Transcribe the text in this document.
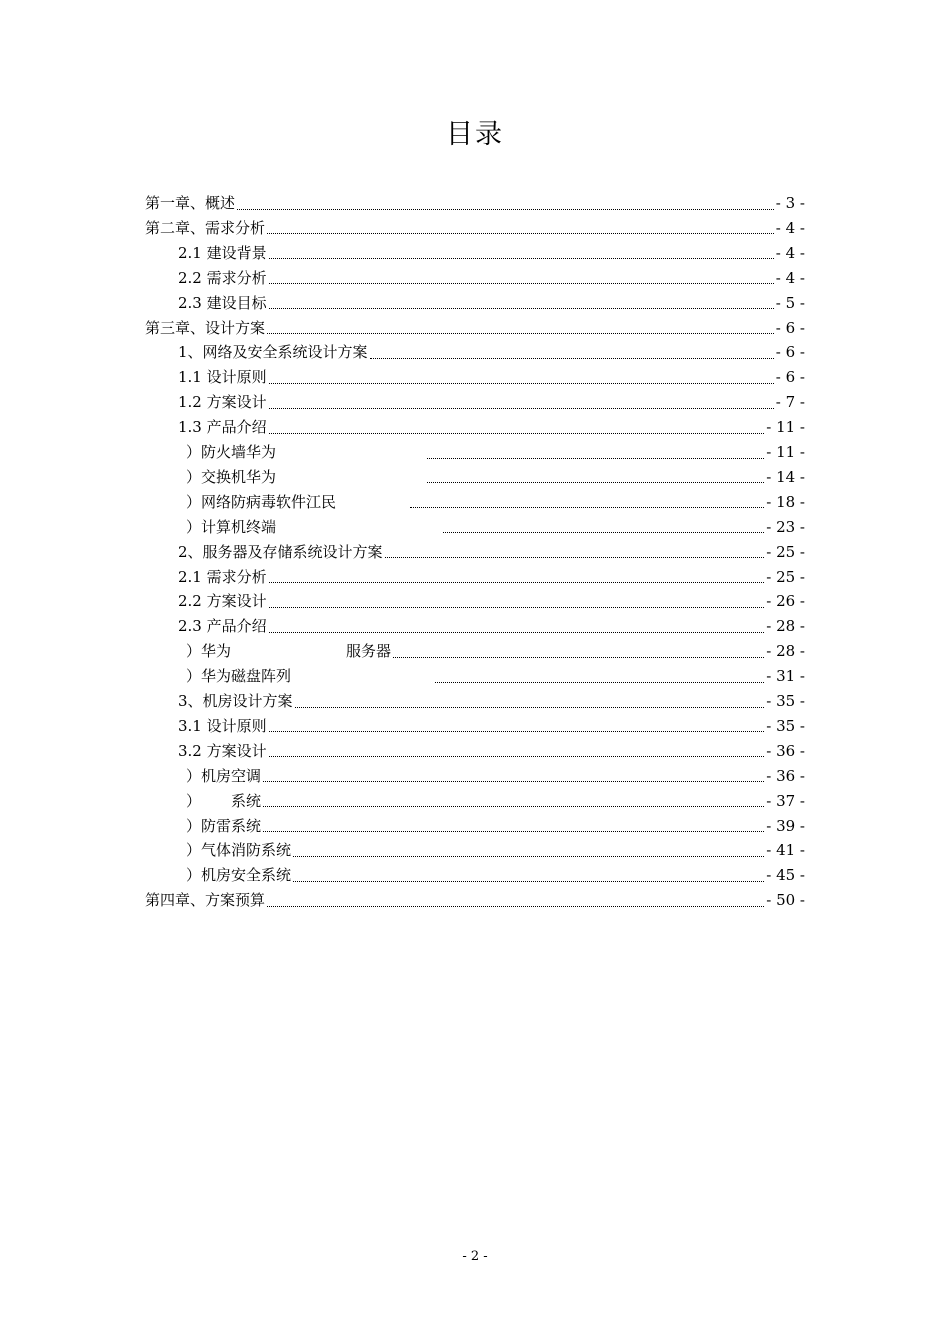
目录
第一章、概述	- 3 -
第二章、需求分析	- 4 -
2.1 建设背景	- 4 -
2.2 需求分析	- 4 -
2.3 建设目标	- 5 -
第三章、设计方案	- 6 -
1、网络及安全系统设计方案	- 6 -
1.1 设计原则	- 6 -
1.2 方案设计	- 7 -
1.3 产品介绍	- 11 -
）防火墙华为	- 11 -
）交换机华为	- 14 -
）网络防病毒软件江民	- 18 -
）计算机终端	- 23 -
2、服务器及存储系统设计方案	- 25 -
2.1 需求分析	- 25 -
2.2 方案设计	- 26 -
2.3 产品介绍	- 28 -
）华为	服务器	- 28 -
）华为磁盘阵列	- 31 -
3、机房设计方案	- 35 -
3.1 设计原则	- 35 -
3.2 方案设计	- 36 -
）机房空调	- 36 -
） 系统	- 37 -
）防雷系统	- 39 -
）气体消防系统	- 41 -
）机房安全系统	- 45 -
第四章、方案预算	- 50 -
- 2 -
